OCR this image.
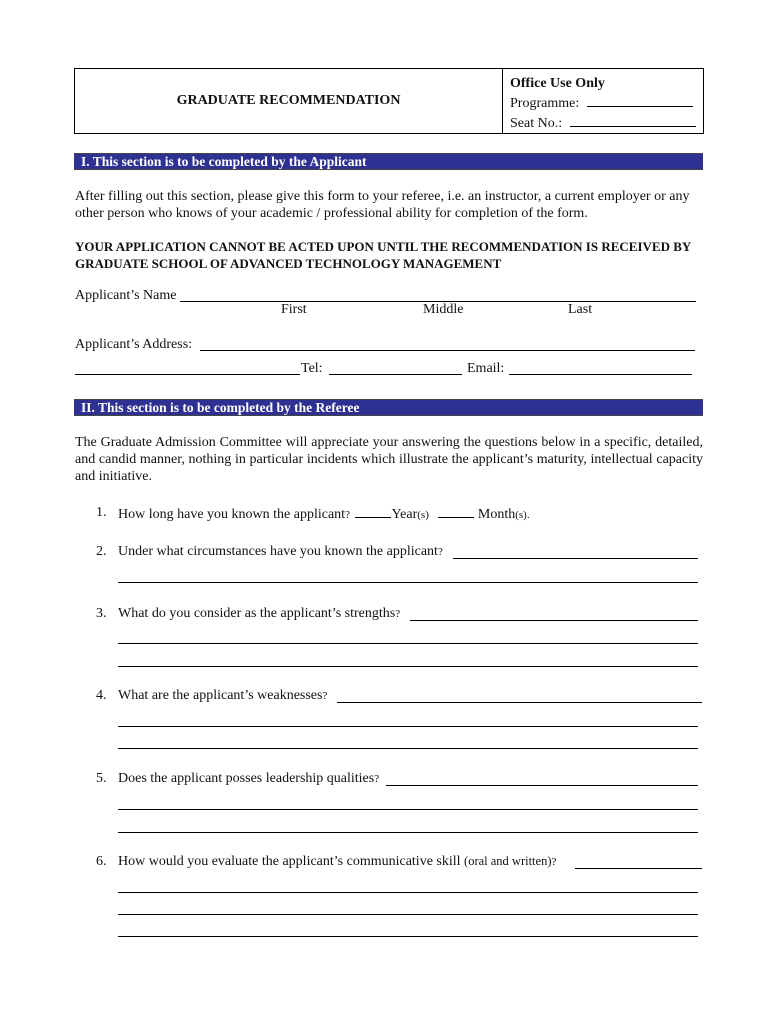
GRADUATE RECOMMENDATION
Office Use Only
Programme:
Seat No.:
I. This section is to be completed by the Applicant
After filling out this section, please give this form to your referee, i.e. an instructor, a current employer or any other person who knows of your academic / professional ability for completion of the form.
YOUR APPLICATION CANNOT BE ACTED UPON UNTIL THE RECOMMENDATION IS RECEIVED BY GRADUATE SCHOOL OF ADVANCED TECHNOLOGY MANAGEMENT
Applicant’s Name
First	Middle	Last
Applicant’s Address:
Tel:	Email:
II. This section is to be completed by the Referee
The Graduate Admission Committee will appreciate your answering the questions below in a specific, detailed, and candid manner, nothing in particular incidents which illustrate the applicant’s maturity, intellectual capacity and initiative.
1. How long have you known the applicant?	Year(s)	Month(s).
2. Under what circumstances have you known the applicant?
3. What do you consider as the applicant’s strengths?
4. What are the applicant’s weaknesses?
5. Does the applicant posses leadership qualities?
6. How would you evaluate the applicant’s communicative skill (oral and written)?
